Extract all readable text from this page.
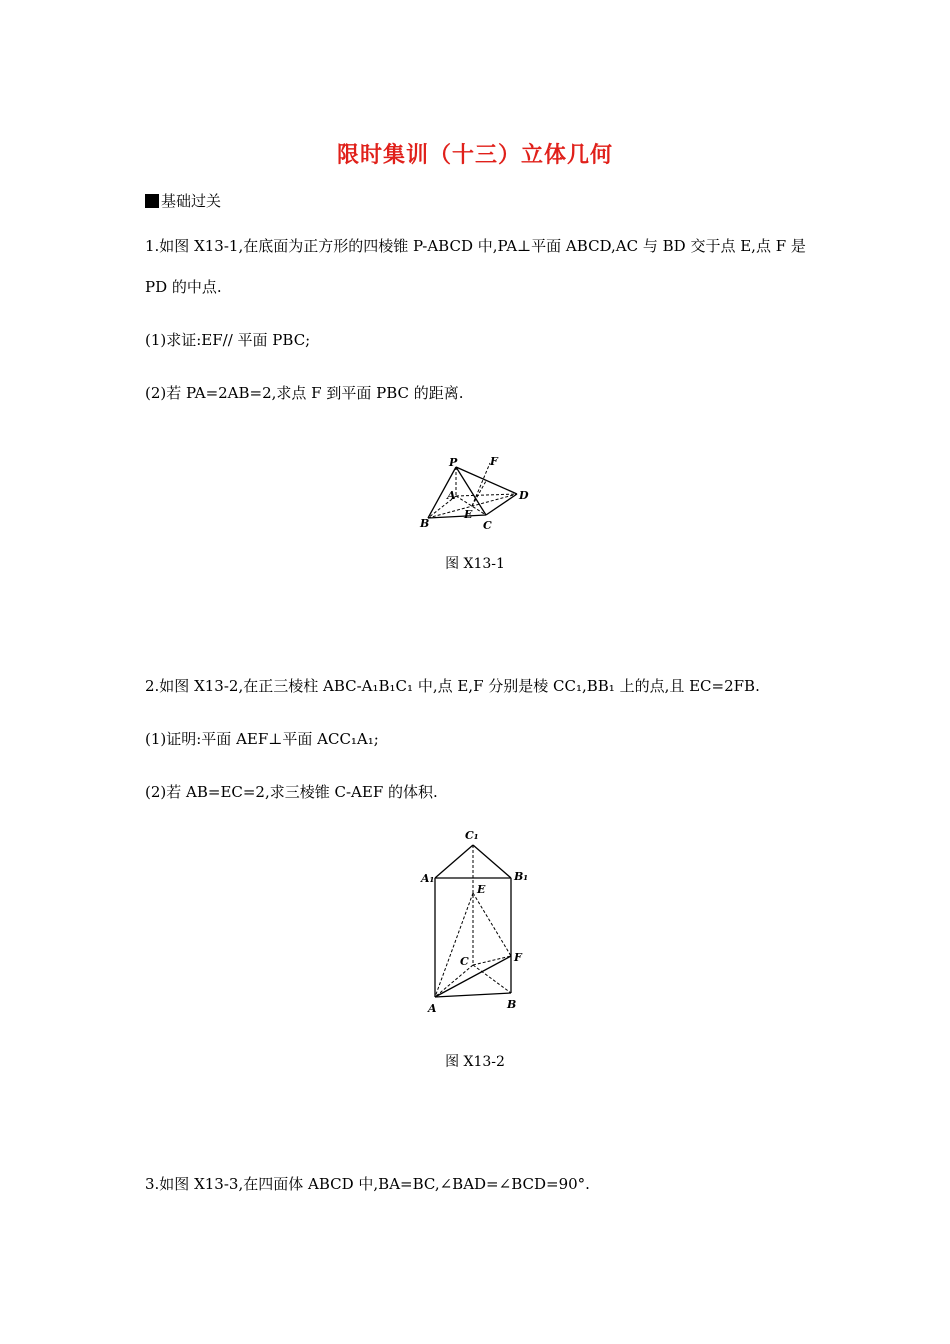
限时集训（十三）立体几何
基础过关
1.如图 X13-1,在底面为正方形的四棱锥 P-ABCD 中,PA⊥平面 ABCD,AC 与 BD 交于点 E,点 F 是
PD 的中点.
(1)求证:EF// 平面 PBC;
(2)若 PA=2AB=2,求点 F 到平面 PBC 的距离.
P	F
A	D
E
B	C
图 X13-1
2.如图 X13-2,在正三棱柱 ABC-A₁B₁C₁ 中,点 E,F 分别是棱 CC₁,BB₁ 上的点,且 EC=2FB.
(1)证明:平面 AEF⊥平面 ACC₁A₁;
(2)若 AB=EC=2,求三棱锥 C-AEF 的体积.
C₁
A₁	B₁
E
C	F
A	B
图 X13-2
3.如图 X13-3,在四面体 ABCD 中,BA=BC,∠BAD=∠BCD=90°.
